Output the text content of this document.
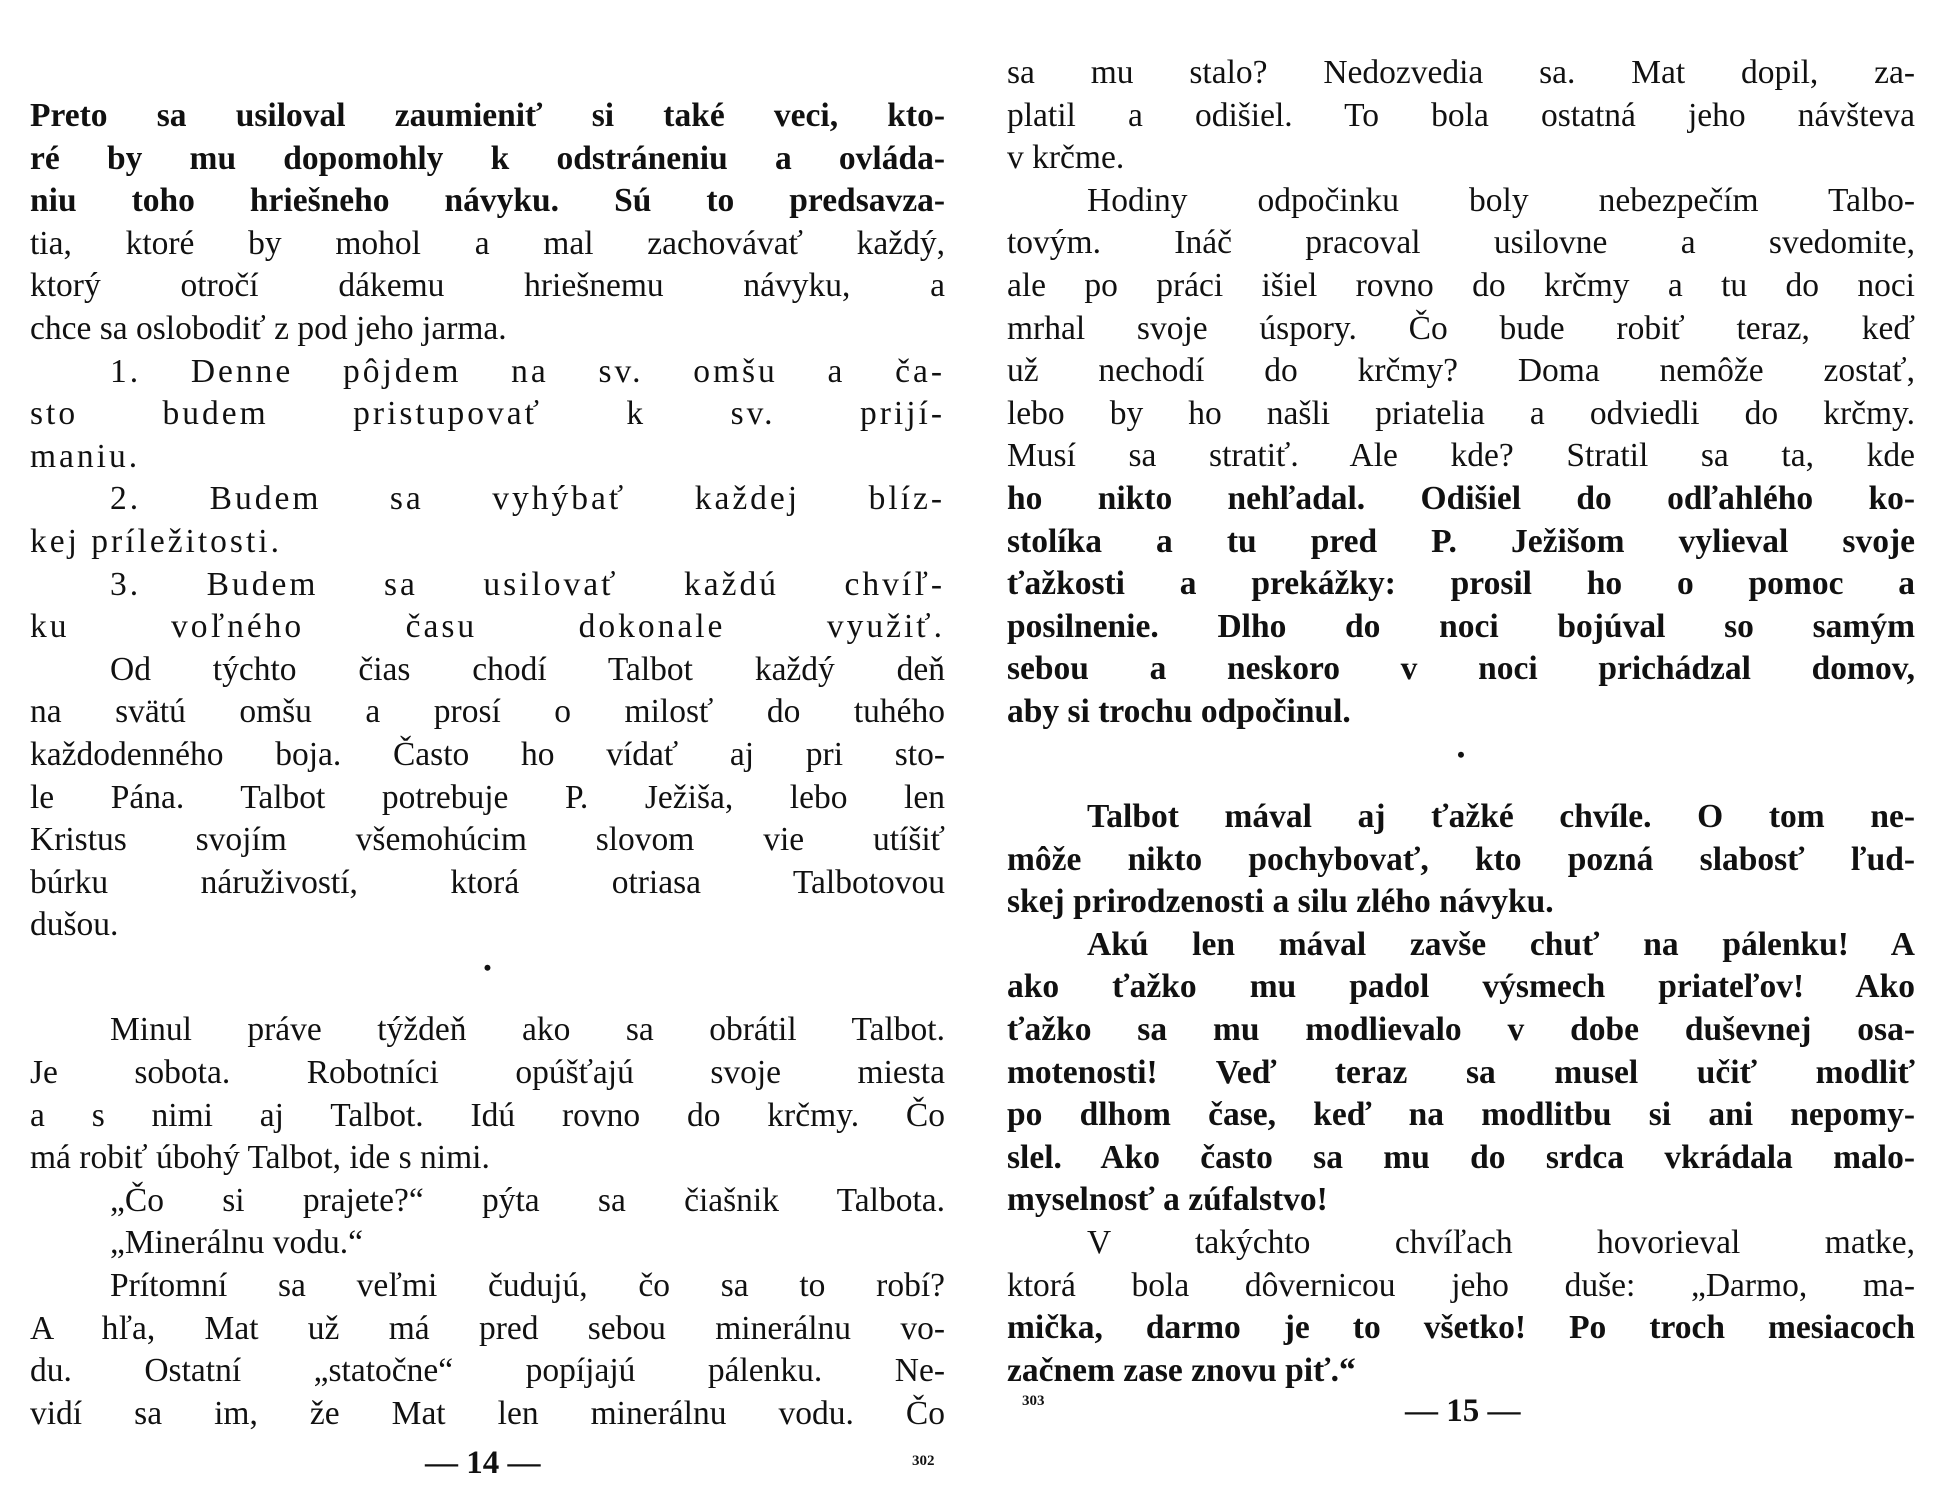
Preto sa usiloval zaumieniť si také veci, kto-
ré by mu dopomohly k odstráneniu a ovláda-
niu toho hriešneho návyku. Sú to predsavza-
tia, ktoré by mohol a mal zachovávať každý,
ktorý otročí dákemu hriešnemu návyku, a
chce sa oslobodiť z pod jeho jarma.
1. Denne pôjdem na sv. omšu a ča-
sto budem pristupovať k sv. prijí-
maniu.
2. Budem sa vyhýbať každej blíz-
kej príležitosti.
3. Budem sa usilovať každú chvíľ-
ku voľného času dokonale využiť.
Od týchto čias chodí Talbot každý deň
na svätú omšu a prosí o milosť do tuhého
každodenného boja. Často ho vídať aj pri sto-
le Pána. Talbot potrebuje P. Ježiša, lebo len
Kristus svojím všemohúcim slovom vie utíšiť
búrku náruživostí, ktorá otriasa Talbotovou
dušou.
•
Minul práve týždeň ako sa obrátil Talbot.
Je sobota. Robotníci opúšťajú svoje miesta
a s nimi aj Talbot. Idú rovno do krčmy. Čo
má robiť úbohý Talbot, ide s nimi.
„Čo si prajete?“ pýta sa čiašnik Talbota.
„Minerálnu vodu.“
Prítomní sa veľmi čudujú, čo sa to robí?
A hľa, Mat už má pred sebou minerálnu vo-
du. Ostatní „statočne“ popíjajú pálenku. Ne-
vidí sa im, že Mat len minerálnu vodu. Čo
— 14 —	302
sa mu stalo? Nedozvedia sa. Mat dopil, za-
platil a odišiel. To bola ostatná jeho návšteva
v krčme.
Hodiny odpočinku boly nebezpečím Talbo-
tovým. Ináč pracoval usilovne a svedomite,
ale po práci išiel rovno do krčmy a tu do noci
mrhal svoje úspory. Čo bude robiť teraz, keď
už nechodí do krčmy? Doma nemôže zostať,
lebo by ho našli priatelia a odviedli do krčmy.
Musí sa stratiť. Ale kde? Stratil sa ta, kde
ho nikto nehľadal. Odišiel do odľahlého ko-
stolíka a tu pred P. Ježišom vylieval svoje
ťažkosti a prekážky: prosil ho o pomoc a
posilnenie. Dlho do noci bojúval so samým
sebou a neskoro v noci prichádzal domov,
aby si trochu odpočinul.
•
Talbot mával aj ťažké chvíle. O tom ne-
môže nikto pochybovať, kto pozná slabosť ľud-
skej prirodzenosti a silu zlého návyku.
Akú len mával zavše chuť na pálenku! A
ako ťažko mu padol výsmech priateľov! Ako
ťažko sa mu modlievalo v dobe duševnej osa-
motenosti! Veď teraz sa musel učiť modliť
po dlhom čase, keď na modlitbu si ani nepomy-
slel. Ako často sa mu do srdca vkrádala malo-
myselnosť a zúfalstvo!
V takýchto chvíľach hovorieval matke,
ktorá bola dôvernicou jeho duše: „Darmo, ma-
mička, darmo je to všetko! Po troch mesiacoch
začnem zase znovu piť.“
— 15 —
303
